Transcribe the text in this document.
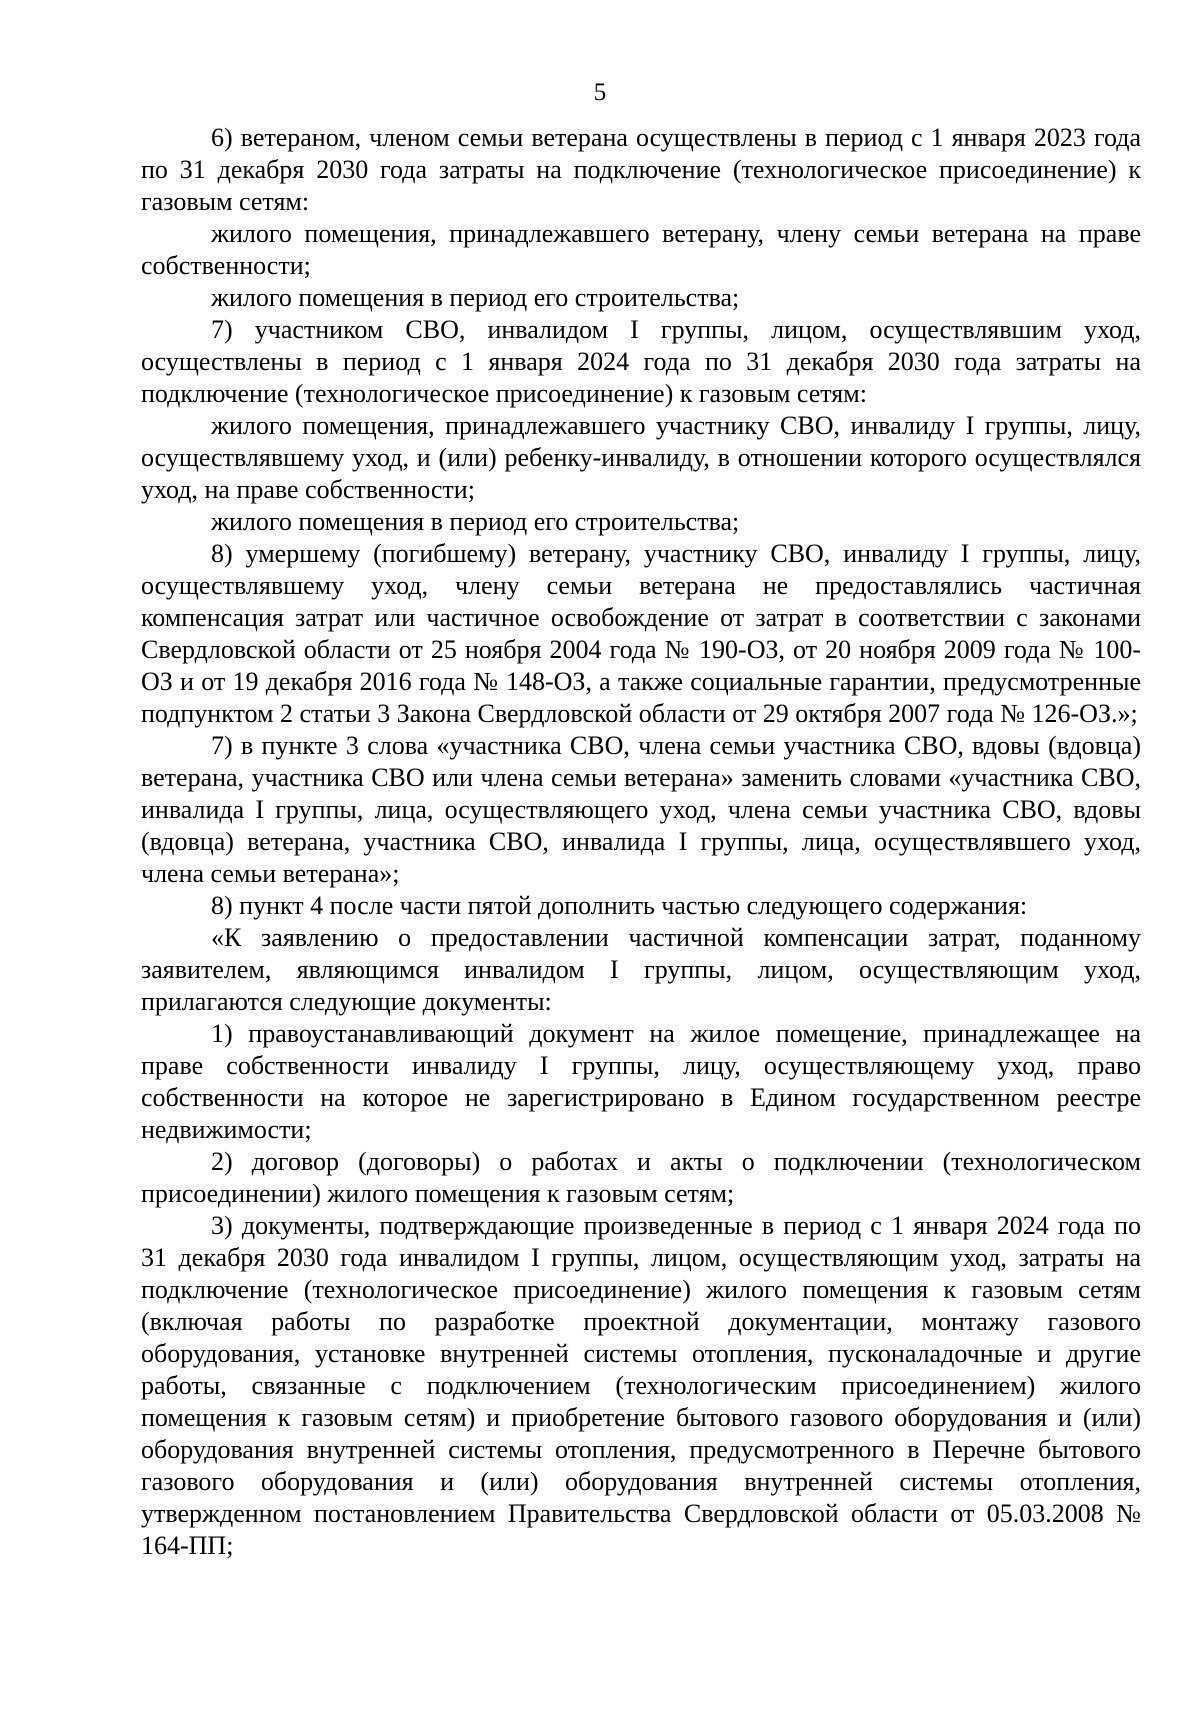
5

6) ветераном, членом семьи ветерана осуществлены в период с 1 января 2023 года по 31 декабря 2030 года затраты на подключение (технологическое присоединение) к газовым сетям:

жилого помещения, принадлежавшего ветерану, члену семьи ветерана на праве собственности;

жилого помещения в период его строительства;

7) участником СВО, инвалидом I группы, лицом, осуществлявшим уход, осуществлены в период с 1 января 2024 года по 31 декабря 2030 года затраты на подключение (технологическое присоединение) к газовым сетям:

жилого помещения, принадлежавшего участнику СВО, инвалиду I группы, лицу, осуществлявшему уход, и (или) ребенку-инвалиду, в отношении которого осуществлялся уход, на праве собственности;

жилого помещения в период его строительства;

8) умершему (погибшему) ветерану, участнику СВО, инвалиду I группы, лицу, осуществлявшему уход, члену семьи ветерана не предоставлялись частичная компенсация затрат или частичное освобождение от затрат в соответствии с законами Свердловской области от 25 ноября 2004 года № 190-ОЗ, от 20 ноября 2009 года № 100-ОЗ и от 19 декабря 2016 года № 148-ОЗ, а также социальные гарантии, предусмотренные подпунктом 2 статьи 3 Закона Свердловской области от 29 октября 2007 года № 126-ОЗ.»;

7) в пункте 3 слова «участника СВО, члена семьи участника СВО, вдовы (вдовца) ветерана, участника СВО или члена семьи ветерана» заменить словами «участника СВО, инвалида I группы, лица, осуществляющего уход, члена семьи участника СВО, вдовы (вдовца) ветерана, участника СВО, инвалида I группы, лица, осуществлявшего уход, члена семьи ветерана»;

8) пункт 4 после части пятой дополнить частью следующего содержания:

«К заявлению о предоставлении частичной компенсации затрат, поданному заявителем, являющимся инвалидом I группы, лицом, осуществляющим уход, прилагаются следующие документы:

1) правоустанавливающий документ на жилое помещение, принадлежащее на праве собственности инвалиду I группы, лицу, осуществляющему уход, право собственности на которое не зарегистрировано в Едином государственном реестре недвижимости;

2) договор (договоры) о работах и акты о подключении (технологическом присоединении) жилого помещения к газовым сетям;

3) документы, подтверждающие произведенные в период с 1 января 2024 года по 31 декабря 2030 года инвалидом I группы, лицом, осуществляющим уход, затраты на подключение (технологическое присоединение) жилого помещения к газовым сетям (включая работы по разработке проектной документации, монтажу газового оборудования, установке внутренней системы отопления, пусконаладочные и другие работы, связанные с подключением (технологическим присоединением) жилого помещения к газовым сетям) и приобретение бытового газового оборудования и (или) оборудования внутренней системы отопления, предусмотренного в Перечне бытового газового оборудования и (или) оборудования внутренней системы отопления, утвержденном постановлением Правительства Свердловской области от 05.03.2008 № 164-ПП;
